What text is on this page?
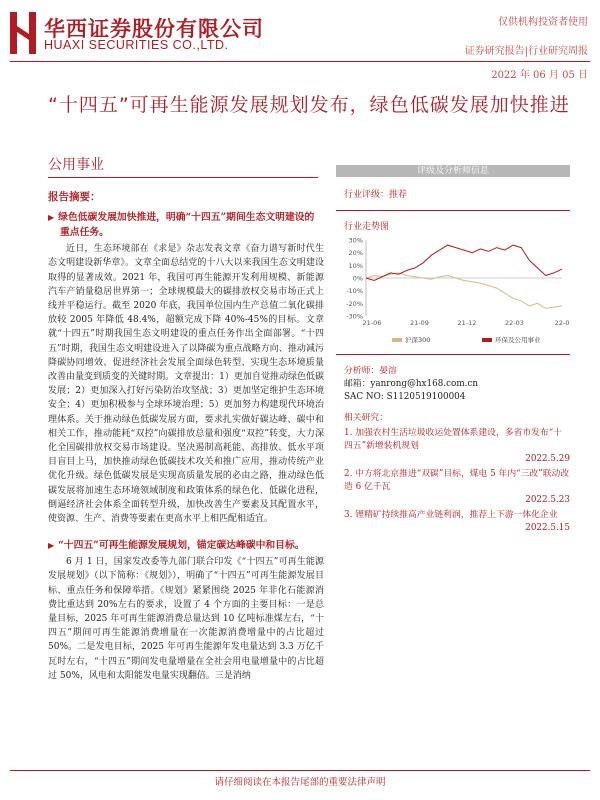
华西证券股份有限公司
HUAXI SECURITIES CO.,LTD.
仅供机构投资者使用
证券研究报告|行业研究周报
2022 年 06 月 05 日
“十四五”可再生能源发展规划发布，绿色低碳发展加快推进
公用事业
报告摘要：
▶ 绿色低碳发展加快推进，明确“十四五”期间生态文明建设的重点任务。

近日，生态环境部在《求是》杂志发表文章《奋力谱写新时代生态文明建设新华章》。文章全面总结党的十八大以来我国生态文明建设取得的显著成效。2021 年，我国可再生能源开发利用规模、新能源汽车产销量稳居世界第一；全球规模最大的碳排放权交易市场正式上线并平稳运行。截至 2020 年底，我国单位国内生产总值二氧化碳排放较 2005 年降低 48.4%，超额完成下降 40%-45%的目标。文章就“十四五”时期我国生态文明建设的重点任务作出全面部署。“十四五”时期，我国生态文明建设进入了以降碳为重点战略方向、推动减污降碳协同增效、促进经济社会发展全面绿色转型、实现生态环境质量改善由量变到质变的关键时期。文章提出：1）更加自觉推动绿色低碳发展；2）更加深入打好污染防治攻坚战；3）更加坚定维护生态环境安全；4）更加积极参与全球环境治理；5）更加努力构建现代环境治理体系。关于推动绿色低碳发展方面，要求扎实做好碳达峰、碳中和相关工作，推动能耗“双控”向碳排放总量和强度“双控”转变，大力深化全国碳排放权交易市场建设。坚决遏制高耗能、高排放、低水平项目盲目上马，加快推动绿色低碳技术攻关和推广应用，推动传统产业优化升级。绿色低碳发展是实现高质量发展的必由之路，推动绿色低碳发展将加速生态环境领域制度和政策体系的绿色化、低碳化进程，倒逼经济社会体系全面转型升级，加快改善生产要素及其配置水平，使资源、生产、消费等要素在更高水平上相匹配相适宜。

▶ “十四五”可再生能源发展规划，锚定碳达峰碳中和目标。

6 月 1 日，国家发改委等九部门联合印发《“十四五”可再生能源发展规划》（以下简称：《规划》），明确了“十四五”可再生能源发展目标、重点任务和保障举措。《规划》紧紧围绕 2025 年非化石能源消费比重达到 20%左右的要求，设置了 4 个方面的主要目标：一是总量目标，2025 年可再生能源消费总量达到 10 亿吨标准煤左右，“十四五”期间可再生能源消费增量在一次能源消费增量中的占比超过 50%。二是发电目标，2025 年可再生能源年发电量达到 3.3 万亿千瓦时左右，“十四五”期间发电量增量在全社会用电量增量中的占比超过 50%，风电和太阳能发电量实现翻倍。三是消纳

评级及分析师信息
行业评级：推荐
行业走势图
30%
20%
10%
0%
-10%
-20%
-30%
21-06	21-09	21-12	22-03	22-0
沪深300	环保及公用事业
分析师：晏溶
邮箱：yanrong@hx168.com.cn
SAC NO: S1120519100004
相关研究：
1. 加强农村生活垃圾收运处置体系建设，多省市发布“十四五”新增装机规划
2022.5.29
2. 中方将北京推进“双碳”目标，煤电 5 年内“三改”联动改造 6 亿千瓦
2022.5.23
3. 锂精矿持续推高产业链利润，推荐上下游一体化企业
2022.5.15
请仔细阅读在本报告尾部的重要法律声明
